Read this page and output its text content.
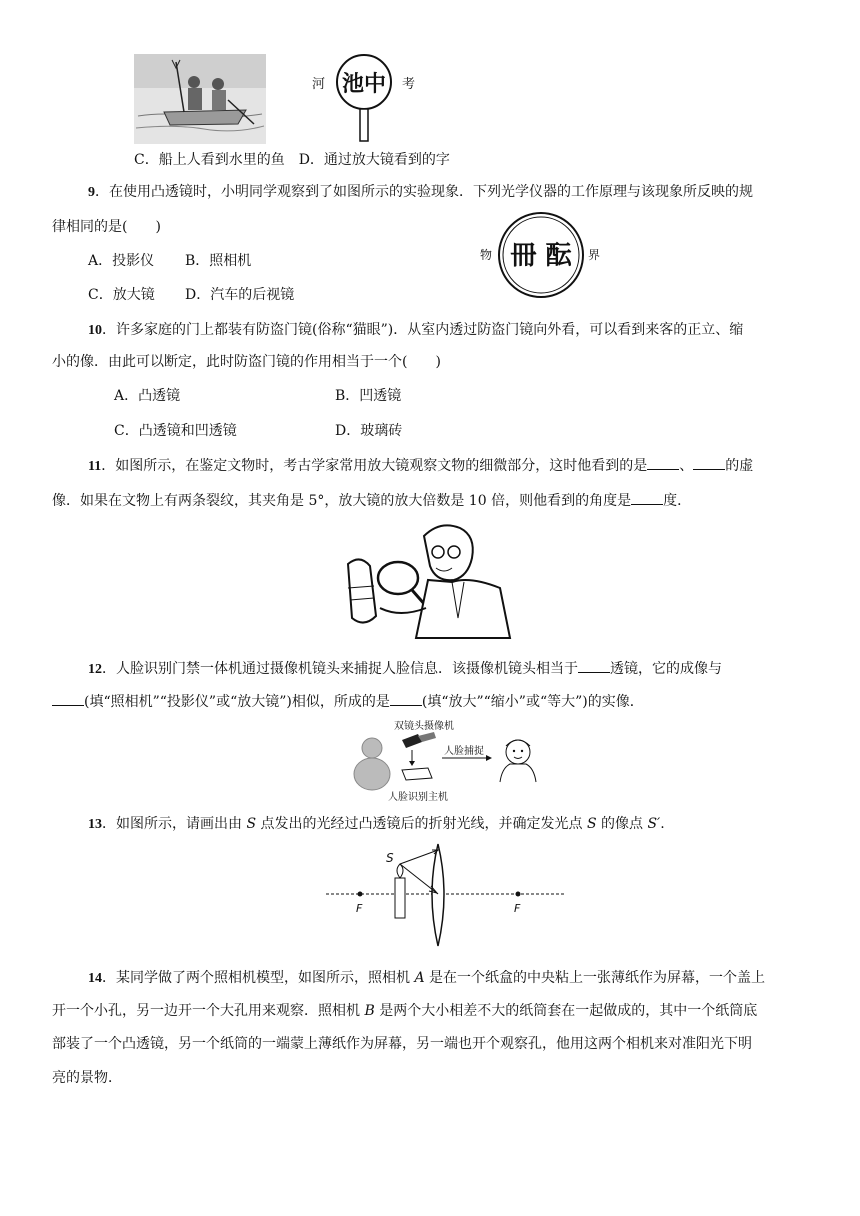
河 池中 考
C．船上人看到水里的鱼　D．通过放大镜看到的字
9．在使用凸透镜时，小明同学观察到了如图所示的实验现象．下列光学仪器的工作原理与该现象所反映的规
律相同的是(　　)
A．投影仪 B．照相机
C．放大镜 D．汽车的后视镜
物 冊 酝 界
10．许多家庭的门上都装有防盗门镜(俗称“猫眼”)．从室内透过防盗门镜向外看，可以看到来客的正立、缩
小的像．由此可以断定，此时防盗门镜的作用相当于一个(　　)
A．凸透镜	B．凹透镜
C．凸透镜和凹透镜	D．玻璃砖
11．如图所示，在鉴定文物时，考古学家常用放大镜观察文物的细微部分，这时他看到的是 、 的虚
像．如果在文物上有两条裂纹，其夹角是 5°，放大镜的放大倍数是 10 倍，则他看到的角度是 度．
12．人脸识别门禁一体机通过摄像机镜头来捕捉人脸信息．该摄像机镜头相当于 透镜，它的成像与
(填“照相机”“投影仪”或“放大镜”)相似，所成的是 (填“放大”“缩小”或“等大”)的实像．
双镜头摄像机
人脸识别主机
人脸捕捉
13．如图所示，请画出由 S 点发出的光经过凸透镜后的折射光线，并确定发光点 S 的像点 S′.
F	F
S
14．某同学做了两个照相机模型，如图所示，照相机 A 是在一个纸盒的中央粘上一张薄纸作为屏幕，一个盖上
开一个小孔，另一边开一个大孔用来观察．照相机 B 是两个大小相差不大的纸筒套在一起做成的，其中一个纸筒底
部装了一个凸透镜，另一个纸筒的一端蒙上薄纸作为屏幕，另一端也开个观察孔，他用这两个相机来对准阳光下明
亮的景物．
